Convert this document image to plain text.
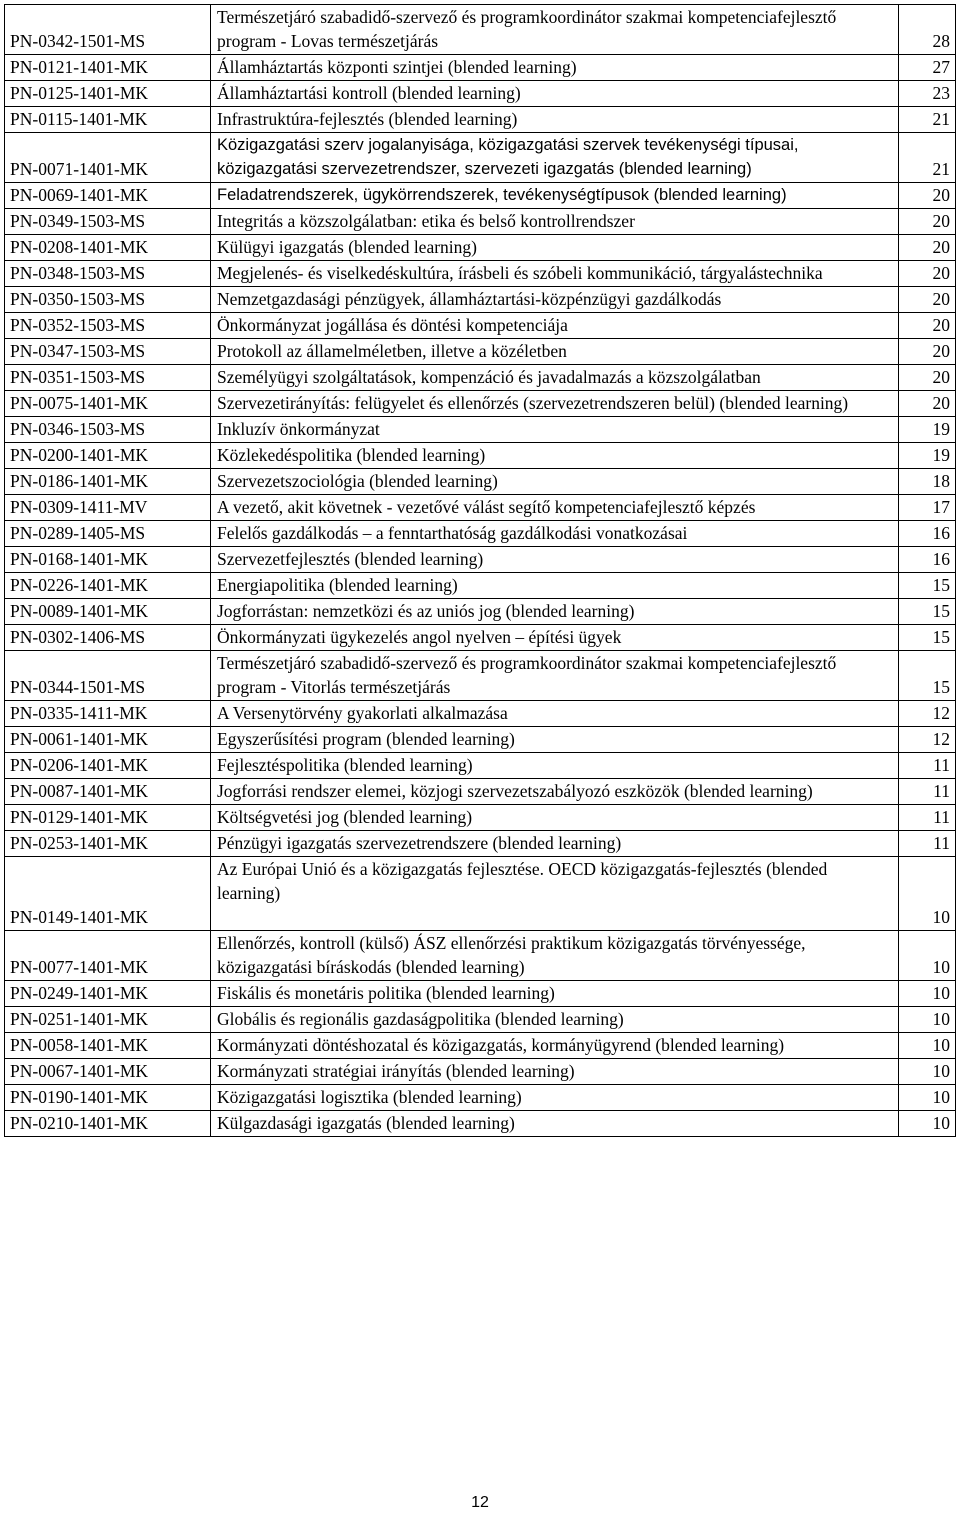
PN-0342-1501-MS	Természetjáró szabadidő-szervező és programkoordinátor szakmai kompetenciafejlesztő program - Lovas természetjárás	28
PN-0121-1401-MK	Államháztartás központi szintjei (blended learning)	27
PN-0125-1401-MK	Államháztartási kontroll (blended learning)	23
PN-0115-1401-MK	Infrastruktúra-fejlesztés (blended learning)	21
PN-0071-1401-MK	Közigazgatási szerv jogalanyisága, közigazgatási szervek tevékenységi típusai, közigazgatási szervezetrendszer, szervezeti igazgatás (blended learning)	21
PN-0069-1401-MK	Feladatrendszerek, ügykörrendszerek, tevékenységtípusok (blended learning)	20
PN-0349-1503-MS	Integritás a közszolgálatban: etika és belső kontrollrendszer	20
PN-0208-1401-MK	Külügyi igazgatás (blended learning)	20
PN-0348-1503-MS	Megjelenés- és viselkedéskultúra, írásbeli és szóbeli kommunikáció, tárgyalástechnika	20
PN-0350-1503-MS	Nemzetgazdasági pénzügyek, államháztartási-közpénzügyi gazdálkodás	20
PN-0352-1503-MS	Önkormányzat jogállása és döntési kompetenciája	20
PN-0347-1503-MS	Protokoll az államelméletben, illetve a közéletben	20
PN-0351-1503-MS	Személyügyi szolgáltatások, kompenzáció és javadalmazás a közszolgálatban	20
PN-0075-1401-MK	Szervezetirányítás: felügyelet és ellenőrzés (szervezetrendszeren belül) (blended learning)	20
PN-0346-1503-MS	Inkluzív önkormányzat	19
PN-0200-1401-MK	Közlekedéspolitika (blended learning)	19
PN-0186-1401-MK	Szervezetszociológia (blended learning)	18
PN-0309-1411-MV	A vezető, akit követnek - vezetővé válást segítő kompetenciafejlesztő képzés	17
PN-0289-1405-MS	Felelős gazdálkodás – a fenntarthatóság gazdálkodási vonatkozásai	16
PN-0168-1401-MK	Szervezetfejlesztés (blended learning)	16
PN-0226-1401-MK	Energiapolitika (blended learning)	15
PN-0089-1401-MK	Jogforrástan: nemzetközi és az uniós jog (blended learning)	15
PN-0302-1406-MS	Önkormányzati ügykezelés angol nyelven – építési ügyek	15
PN-0344-1501-MS	Természetjáró szabadidő-szervező és programkoordinátor szakmai kompetenciafejlesztő program - Vitorlás természetjárás	15
PN-0335-1411-MK	A Versenytörvény gyakorlati alkalmazása	12
PN-0061-1401-MK	Egyszerűsítési program (blended learning)	12
PN-0206-1401-MK	Fejlesztéspolitika (blended learning)	11
PN-0087-1401-MK	Jogforrási rendszer elemei, közjogi szervezetszabályozó eszközök (blended learning)	11
PN-0129-1401-MK	Költségvetési jog (blended learning)	11
PN-0253-1401-MK	Pénzügyi igazgatás szervezetrendszere (blended learning)	11
PN-0149-1401-MK	Az Európai Unió és a közigazgatás fejlesztése. OECD közigazgatás-fejlesztés (blended learning)	10
PN-0077-1401-MK	Ellenőrzés, kontroll (külső) ÁSZ ellenőrzési praktikum közigazgatás törvényessége, közigazgatási bíráskodás (blended learning)	10
PN-0249-1401-MK	Fiskális és monetáris politika (blended learning)	10
PN-0251-1401-MK	Globális és regionális gazdaságpolitika (blended learning)	10
PN-0058-1401-MK	Kormányzati döntéshozatal és közigazgatás, kormányügyrend (blended learning)	10
PN-0067-1401-MK	Kormányzati stratégiai irányítás (blended learning)	10
PN-0190-1401-MK	Közigazgatási logisztika (blended learning)	10
PN-0210-1401-MK	Külgazdasági igazgatás (blended learning)	10
12
